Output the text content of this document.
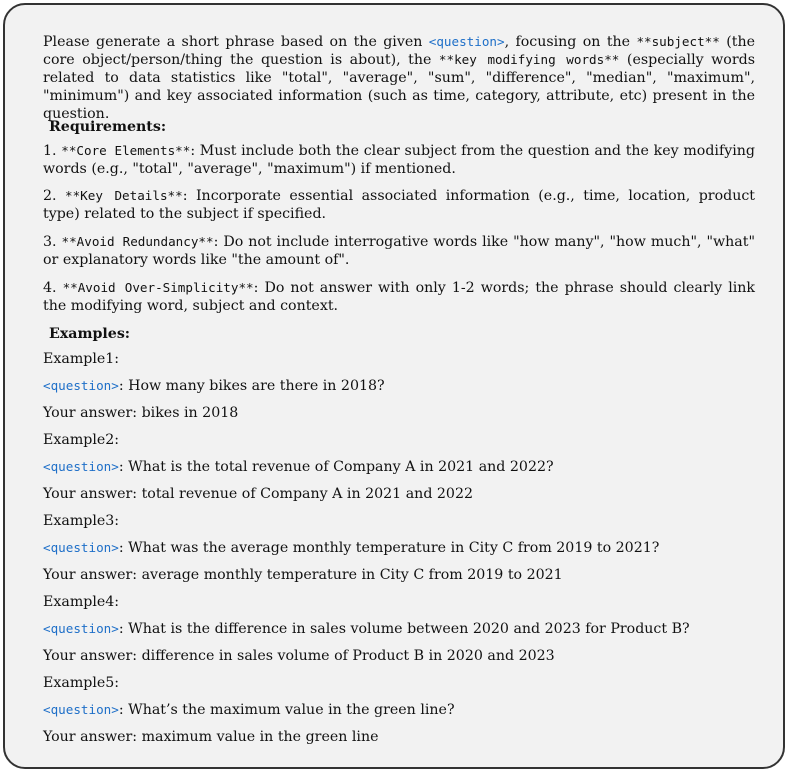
Please generate a short phrase based on the given <question>, focusing on the **subject** (the core object/person/thing the question is about), the **key modifying words** (especially words related to data statistics like "total", "average", "sum", "difference", "median", "maximum", "minimum") and key associated information (such as time, category, attribute, etc) present in the question.

Requirements:

1. **Core Elements**: Must include both the clear subject from the question and the key modifying words (e.g., "total", "average", "maximum") if mentioned.

2. **Key Details**: Incorporate essential associated information (e.g., time, location, product type) related to the subject if specified.

3. **Avoid Redundancy**: Do not include interrogative words like "how many", "how much", "what" or explanatory words like "the amount of".

4. **Avoid Over-Simplicity**: Do not answer with only 1-2 words; the phrase should clearly link the modifying word, subject and context.

Examples:

Example1:

<question>: How many bikes are there in 2018?

Your answer: bikes in 2018

Example2:

<question>: What is the total revenue of Company A in 2021 and 2022?

Your answer: total revenue of Company A in 2021 and 2022

Example3:

<question>: What was the average monthly temperature in City C from 2019 to 2021?

Your answer: average monthly temperature in City C from 2019 to 2021

Example4:

<question>: What is the difference in sales volume between 2020 and 2023 for Product B?

Your answer: difference in sales volume of Product B in 2020 and 2023

Example5:

<question>: What’s the maximum value in the green line?

Your answer: maximum value in the green line
